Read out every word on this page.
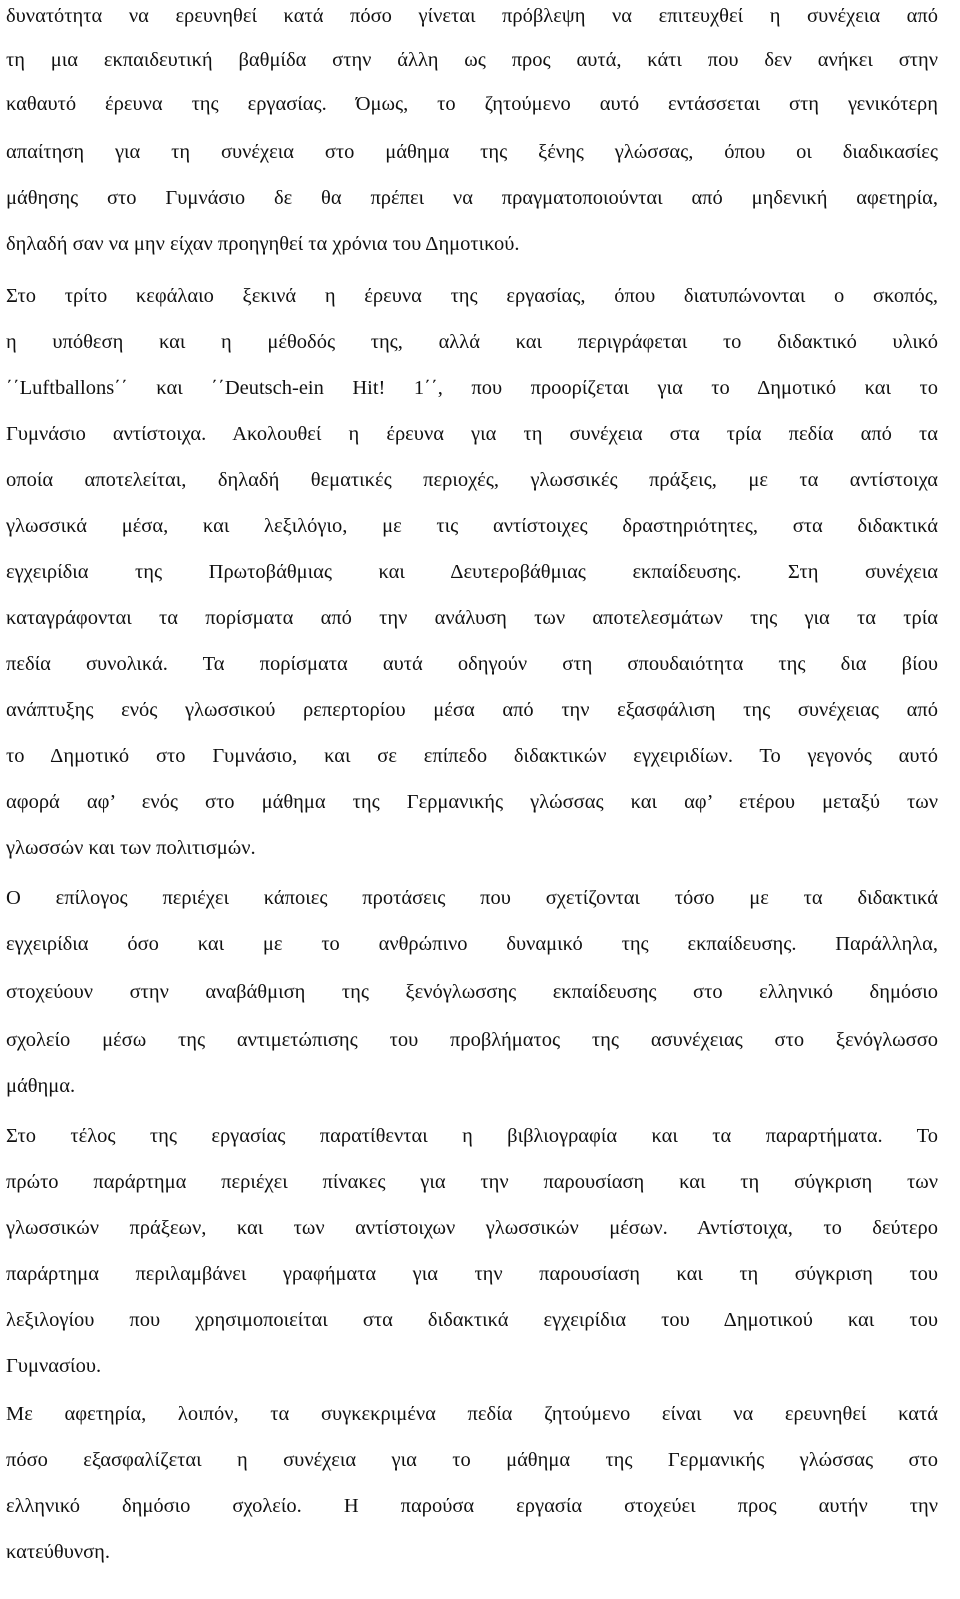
δυνατότητα να ερευνηθεί κατά πόσο γίνεται πρόβλεψη να επιτευχθεί η συνέχεια από
τη μια εκπαιδευτική βαθμίδα στην άλλη ως προς αυτά, κάτι που δεν ανήκει στην
καθαυτό έρευνα της εργασίας. Όμως, το ζητούμενο αυτό εντάσσεται στη γενικότερη
απαίτηση για τη συνέχεια στο μάθημα της ξένης γλώσσας, όπου οι διαδικασίες
μάθησης στο Γυμνάσιο δε θα πρέπει να πραγματοποιούνται από μηδενική αφετηρία,
δηλαδή σαν να μην είχαν προηγηθεί τα χρόνια του Δημοτικού.
Στο τρίτο κεφάλαιο ξεκινά η έρευνα της εργασίας, όπου διατυπώνονται ο σκοπός,
η υπόθεση και η μέθοδός της, αλλά και περιγράφεται το διδακτικό υλικό
΄΄Luftballons΄΄ και ΄΄Deutsch-ein Hit! 1΄΄, που προορίζεται για το Δημοτικό και το
Γυμνάσιο αντίστοιχα. Ακολουθεί η έρευνα για τη συνέχεια στα τρία πεδία από τα
οποία αποτελείται, δηλαδή θεματικές περιοχές, γλωσσικές πράξεις, με τα αντίστοιχα
γλωσσικά μέσα, και λεξιλόγιο, με τις αντίστοιχες δραστηριότητες, στα διδακτικά
εγχειρίδια της Πρωτοβάθμιας και Δευτεροβάθμιας εκπαίδευσης. Στη συνέχεια
καταγράφονται τα πορίσματα από την ανάλυση των αποτελεσμάτων της για τα τρία
πεδία συνολικά. Τα πορίσματα αυτά οδηγούν στη σπουδαιότητα της δια βίου
ανάπτυξης ενός γλωσσικού ρεπερτορίου μέσα από την εξασφάλιση της συνέχειας από
το Δημοτικό στο Γυμνάσιο, και σε επίπεδο διδακτικών εγχειριδίων. Το γεγονός αυτό
αφορά αφ’ ενός στο μάθημα της Γερμανικής γλώσσας και αφ’ ετέρου μεταξύ των
γλωσσών και των πολιτισμών.
Ο επίλογος περιέχει κάποιες προτάσεις που σχετίζονται τόσο με τα διδακτικά
εγχειρίδια όσο και με το ανθρώπινο δυναμικό της εκπαίδευσης. Παράλληλα,
στοχεύουν στην αναβάθμιση της ξενόγλωσσης εκπαίδευσης στο ελληνικό δημόσιο
σχολείο μέσω της αντιμετώπισης του προβλήματος της ασυνέχειας στο ξενόγλωσσο
μάθημα.
Στο τέλος της εργασίας παρατίθενται η βιβλιογραφία και τα παραρτήματα. Το
πρώτο παράρτημα περιέχει πίνακες για την παρουσίαση και τη σύγκριση των
γλωσσικών πράξεων, και των αντίστοιχων γλωσσικών μέσων. Αντίστοιχα, το δεύτερο
παράρτημα περιλαμβάνει γραφήματα για την παρουσίαση και τη σύγκριση του
λεξιλογίου που χρησιμοποιείται στα διδακτικά εγχειρίδια του Δημοτικού και του
Γυμνασίου.
Με αφετηρία, λοιπόν, τα συγκεκριμένα πεδία ζητούμενο είναι να ερευνηθεί κατά
πόσο εξασφαλίζεται η συνέχεια για το μάθημα της Γερμανικής γλώσσας στο
ελληνικό δημόσιο σχολείο. Η παρούσα εργασία στοχεύει προς αυτήν την
κατεύθυνση.
